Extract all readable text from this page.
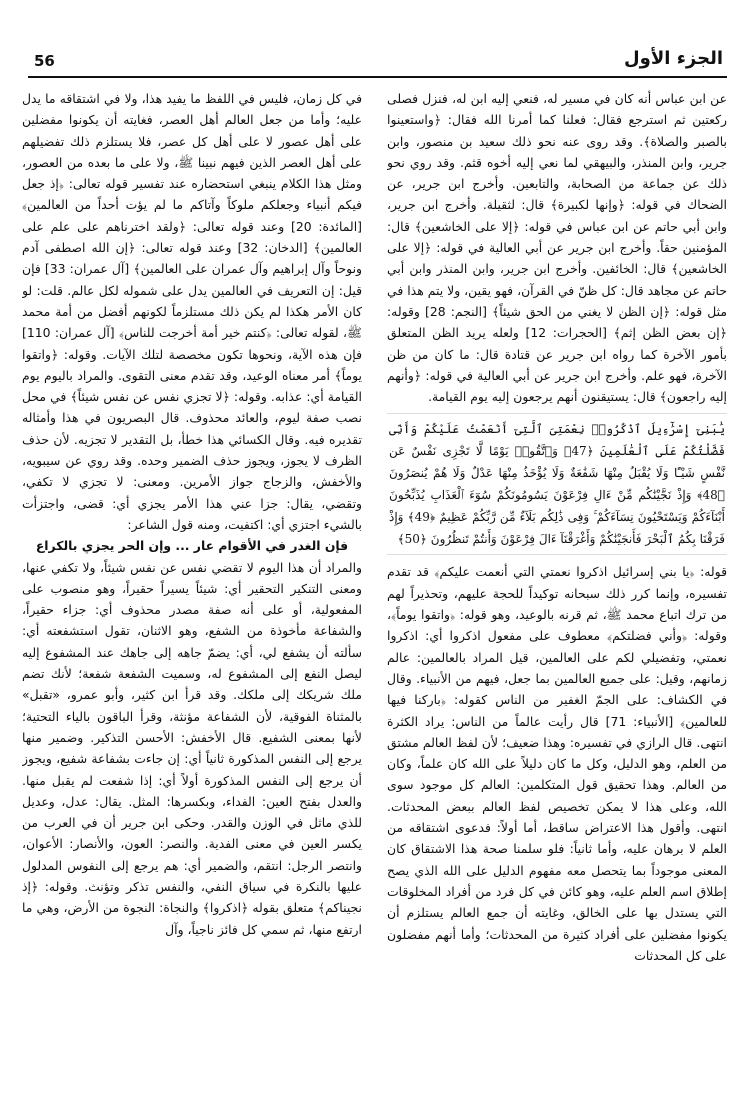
56	الجزء الأول

عن ابن عباس أنه كان في مسير له، فنعي إليه ابن له، فنزل فصلى ركعتين ثم استرجع فقال: فعلنا كما أمرنا الله فقال: ﴿واستعينوا بالصبر والصلاة﴾. وقد روى عنه نحو ذلك سعيد بن منصور، وابن جرير، وابن المنذر، والبيهقي لما نعي إليه أخوه قثم. وقد روي نحو ذلك عن جماعة من الصحابة، والتابعين. وأخرج ابن جرير، عن الضحاك في قوله: ﴿وإنها لكبيرة﴾ قال: لثقيلة. وأخرج ابن جرير، وابن أبي حاتم عن ابن عباس في قوله: ﴿إلا على الخاشعين﴾ قال: المؤمنين حقاً. وأخرج ابن جرير عن أبي العالية في قوله: ﴿إلا على الخاشعين﴾ قال: الخائفين. وأخرج ابن جرير، وابن المنذر وابن أبي حاتم عن مجاهد قال: كل ظنّ في القرآن، فهو يقين، ولا يتم هذا في مثل قوله: ﴿إن الظن لا يغني من الحق شيئاً﴾ [النجم: 28] وقوله: ﴿إن بعض الظن إثم﴾ [الحجرات: 12] ولعله يريد الظن المتعلق بأمور الآخرة كما رواه ابن جرير عن قتادة قال: ما كان من ظن الآخرة، فهو علم. وأخرج ابن جرير عن أبي العالية في قوله: ﴿وأنهم إليه راجعون﴾ قال: يستيقنون أنهم يرجعون إليه يوم القيامة.

يَٰبَنِىٓ إِسْرَٰٓءِيلَ ٱذْكُرُوا۟ نِعْمَتِىَ ٱلَّتِىٓ أَنْعَمْتُ عَلَيْكُمْ وَأَنِّى فَضَّلْتُكُمْ عَلَى ٱلْعَٰلَمِينَ ﴿47﴾ وَٱتَّقُوا۟ يَوْمًا لَّا تَجْزِى نَفْسٌ عَن نَّفْسٍ شَيْـًٔا وَلَا يُقْبَلُ مِنْهَا شَفَٰعَةٌ وَلَا يُؤْخَذُ مِنْهَا عَدْلٌ وَلَا هُمْ يُنصَرُونَ ﴿48﴾ وَإِذْ نَجَّيْنَٰكُم مِّنْ ءَالِ فِرْعَوْنَ يَسُومُونَكُمْ سُوٓءَ ٱلْعَذَابِ يُذَبِّحُونَ أَبْنَآءَكُمْ وَيَسْتَحْيُونَ نِسَآءَكُمْ ۚ وَفِى ذَٰلِكُم بَلَآءٌ مِّن رَّبِّكُمْ عَظِيمٌ ﴿49﴾ وَإِذْ فَرَقْنَا بِكُمُ ٱلْبَحْرَ فَأَنجَيْنَٰكُمْ وَأَغْرَقْنَآ ءَالَ فِرْعَوْنَ وَأَنتُمْ تَنظُرُونَ ﴿50﴾

قوله: ﴿يا بني إسرائيل اذكروا نعمتي التي أنعمت عليكم﴾ قد تقدم تفسيره، وإنما كرر ذلك سبحانه توكيداً للحجة عليهم، وتحذيراً لهم من ترك اتباع محمد ﷺ، ثم قرنه بالوعيد، وهو قوله: ﴿واتقوا يوماً﴾، وقوله: ﴿وأني فضلتكم﴾ معطوف على مفعول اذكروا أي: اذكروا نعمتي، وتفضيلي لكم على العالمين، قيل المراد بالعالمين: عالم زمانهم، وقيل: على جميع العالمين بما جعل، فيهم من الأنبياء. وقال في الكشاف: على الجمّ الغفير من الناس كقوله: ﴿باركنا فيها للعالمين﴾ [الأنبياء: 71] قال رأيت عالماً من الناس: يراد الكثرة انتهى. قال الرازي في تفسيره: وهذا ضعيف؛ لأن لفظ العالم مشتق من العلم، وهو الدليل، وكل ما كان دليلاً على الله كان علماً، وكان من العالم. وهذا تحقيق قول المتكلمين: العالم كل موجود سوى الله، وعلى هذا لا يمكن تخصيص لفظ العالم ببعض المحدثات. انتهى. وأقول هذا الاعتراض ساقط، أما أولاً: فدعوى اشتقاقه من العلم لا برهان عليه، وأما ثانياً: فلو سلمنا صحة هذا الاشتقاق كان المعنى موجوداً بما يتحصل معه مفهوم الدليل على الله الذي يصح إطلاق اسم العلم عليه، وهو كائن في كل فرد من أفراد المخلوقات التي يستدل بها على الخالق، وغايته أن جمع العالم يستلزم أن يكونوا مفضلين على أفراد كثيرة من المحدثات؛ وأما أنهم مفضلون على كل المحدثات

في كل زمان، فليس في اللفظ ما يفيد هذا، ولا في اشتقاقه ما يدل عليه؛ وأما من جعل العالم أهل العصر، فغايته أن يكونوا مفضلين على أهل عصور لا على أهل كل عصر، فلا يستلزم ذلك تفضيلهم على أهل العصر الذين فيهم نبينا ﷺ، ولا على ما بعده من العصور، ومثل هذا الكلام ينبغي استحضاره عند تفسير قوله تعالى: ﴿إذ جعل فيكم أنبياء وجعلكم ملوكاً وآتاكم ما لم يؤت أحداً من العالمين﴾ [المائدة: 20] وعند قوله تعالى: ﴿ولقد اخترناهم على علم على العالمين﴾ [الدخان: 32] وعند قوله تعالى: ﴿إن الله اصطفى آدم ونوحاً وآل إبراهيم وآل عمران على العالمين﴾ [آل عمران: 33] فإن قيل: إن التعريف في العالمين يدل على شموله لكل عالم. قلت: لو كان الأمر هكذا لم يكن ذلك مستلزماً لكونهم أفضل من أمة محمد ﷺ، لقوله تعالى: ﴿كنتم خير أمة أخرجت للناس﴾ [آل عمران: 110] فإن هذه الآية، ونحوها تكون مخصصة لتلك الآيات. وقوله: ﴿واتقوا يوماً﴾ أمر معناه الوعيد، وقد تقدم معنى التقوى. والمراد باليوم يوم القيامة أي: عذابه. وقوله: ﴿لا تجزي نفس عن نفس شيئاً﴾ في محل نصب صفة ليوم، والعائد محذوف. قال البصريون في هذا وأمثاله تقديره فيه. وقال الكسائي هذا خطأ، بل التقدير لا تجزيه. لأن حذف الظرف لا يجوز، ويجوز حذف الضمير وحده. وقد روي عن سيبويه، والأخفش، والزجاج جواز الأمرين. ومعنى: لا تجزي لا تكفي، وتقضي، يقال: جزا عني هذا الأمر يجزي أي: قضى، واجتزأت بالشيء اجتزي أي: اكتفيت، ومنه قول الشاعر:

فإن الغدر في الأقوام عار ... وإن الحر يجزي بالكراع

والمراد أن هذا اليوم لا تقضي نفس عن نفس شيئاً، ولا تكفي عنها، ومعنى التنكير التحقير أي: شيئاً يسيراً حقيراً، وهو منصوب على المفعولية، أو على أنه صفة مصدر محذوف أي: جزاء حقيراً، والشفاعة مأخوذة من الشفع، وهو الاثنان، تقول استشفعته أي: سألته أن يشفع لي، أي: يضمّ جاهه إلى جاهك عند المشفوع إليه ليصل النفع إلى المشفوع له، وسميت الشفعة شفعة؛ لأنك تضم ملك شريكك إلى ملكك. وقد قرأ ابن كثير، وأبو عمرو، «تقبل» بالمثناة الفوقية، لأن الشفاعة مؤنثة، وقرأ الباقون بالياء التحتية؛ لأنها بمعنى الشفيع. قال الأخفش: الأحسن التذكير. وضمير منها يرجع إلى النفس المذكورة ثانياً أي: إن جاءت بشفاعة شفيع، ويجوز أن يرجع إلى النفس المذكورة أولاً أي: إذا شفعت لم يقبل منها. والعدل بفتح العين: الفداء، وبكسرها: المثل. يقال: عدل، وعديل للذي ماثل في الوزن والقدر. وحكى ابن جرير أن في العرب من يكسر العين في معنى الفدية. والنصر: العون، والأنصار: الأعوان، وانتصر الرجل: انتقم، والضمير أي: هم يرجع إلى النفوس المدلول عليها بالنكرة في سياق النفي، والنفس تذكر وتؤنث. وقوله: ﴿إذ نجيناكم﴾ متعلق بقوله ﴿اذكروا﴾ والنجاة: النجوة من الأرض، وهي ما ارتفع منها، ثم سمي كل فائز ناجياً، وآل
